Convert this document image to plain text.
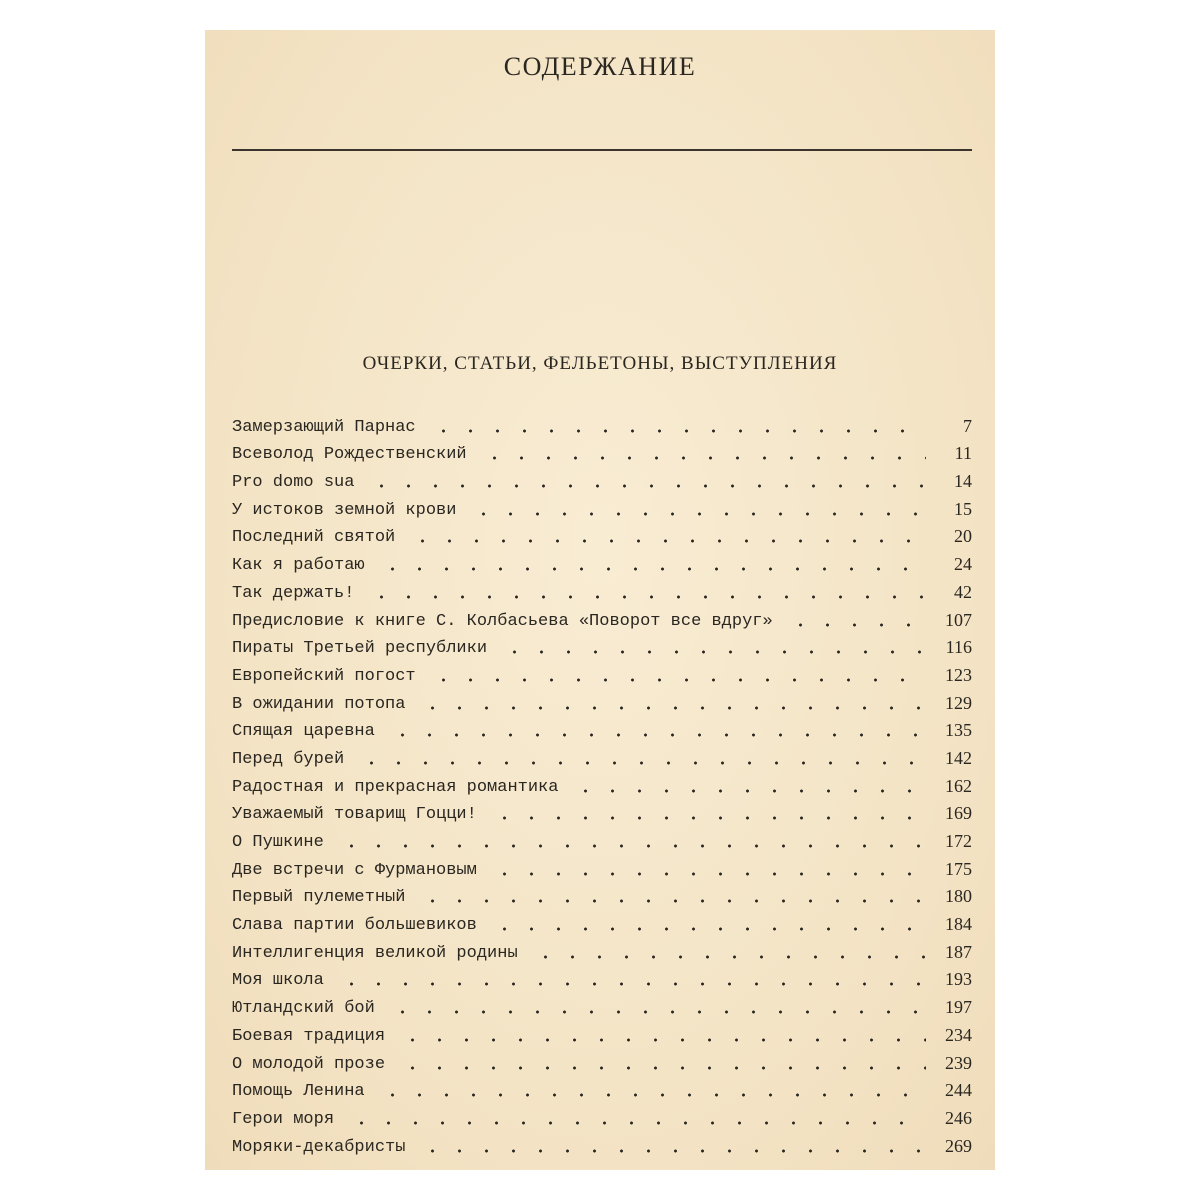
СОДЕРЖАНИЕ
ОЧЕРКИ, СТАТЬИ, ФЕЛЬЕТОНЫ, ВЫСТУПЛЕНИЯ
Замерзающий Парнас	7
Всеволод Рождественский	11
Pro domo sua	14
У истоков земной крови	15
Последний святой	20
Как я работаю	24
Так держать!	42
Предисловие к книге С. Колбасьева «Поворот все вдруг»	107
Пираты Третьей республики	116
Европейский погост	123
В ожидании потопа	129
Спящая царевна	135
Перед бурей	142
Радостная и прекрасная романтика	162
Уважаемый товарищ Гоцци!	169
О Пушкине	172
Две встречи с Фурмановым	175
Первый пулеметный	180
Слава партии большевиков	184
Интеллигенция великой родины	187
Моя школа	193
Ютландский бой	197
Боевая традиция	234
О молодой прозе	239
Помощь Ленина	244
Герои моря	246
Моряки-декабристы	269
